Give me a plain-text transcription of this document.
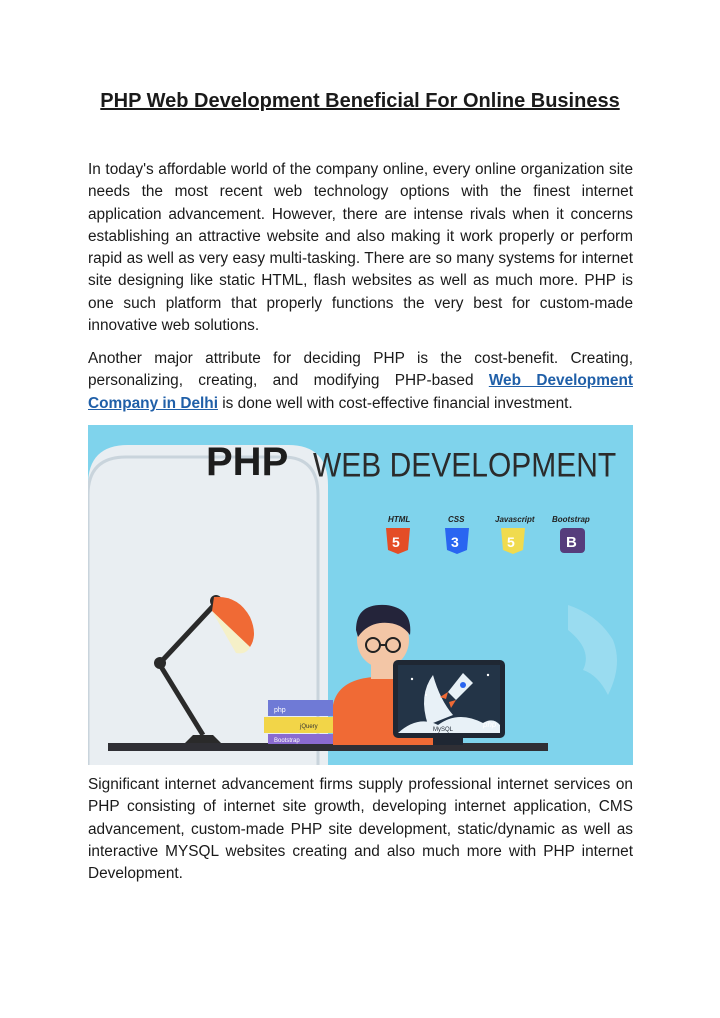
PHP Web Development Beneficial For Online Business

In today's affordable world of the company online, every online organization site needs the most recent web technology options with the finest internet application advancement. However, there are intense rivals when it concerns establishing an attractive website and also making it work properly or perform rapid as well as very easy multi-tasking. There are so many systems for internet site designing like static HTML, flash websites as well as much more. PHP is one such platform that properly functions the very best for custom-made innovative web solutions.

Another major attribute for deciding PHP is the cost-benefit. Creating, personalizing, creating, and modifying PHP-based Web Development Company in Delhi is done well with cost-effective financial investment.

PHP WEB DEVELOPMENT
HTML	CSS	Javascript Bootstrap
5	3	5	B
php
jQuery
Bootstrap
MySQL
php

Significant internet advancement firms supply professional internet services on PHP consisting of internet site growth, developing internet application, CMS advancement, custom-made PHP site development, static/dynamic as well as interactive MYSQL websites creating and also much more with PHP internet Development.
